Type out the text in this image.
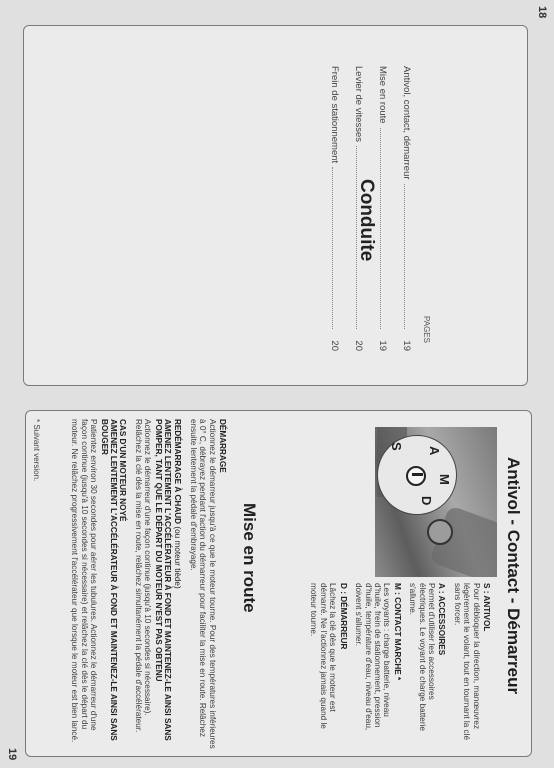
18
19
Conduite
PAGES
Antivol, contact, démarreur
19
Mise en route
19
Levier de vitesses
20
Frein de stationnement
20
Antivol - Contact - Démarreur
S A
M
D
S : ANTIVOL
Pour débloquer la direction, manœuvrez légèrement le volant, tout en tournant la clé sans forcer.
A : ACCESSOIRES
Permet d'utiliser les accessoires électriques. Le voyant de charge batterie s'allume.
M : CONTACT MARCHE *
Les voyants : charge batterie, niveau d'huile, frein de stationnement, pression d'huile, température d'eau, niveau d'eau, doivent s'allumer.
D : DÉMARREUR
Lâchez la clé dès que le moteur est démarré. Ne l'actionnez jamais quand le moteur tourne.
DÉMARRAGE
Actionnez le démarreur jusqu'à ce que le moteur tourne. Pour des températures inférieures à 0° C, débrayez pendant l'action du démarreur pour faciliter la mise en route. Relâchez ensuite lentement la pédale d'embrayage.
REDÉMARRAGE À CHAUD (ou moteur tiède)
AMENEZ LENTEMENT L'ACCÉLÉRATEUR À FOND ET MAINTENEZ-LE AINSI SANS POMPER, TANT QUE LE DÉPART DU MOTEUR N'EST PAS OBTENU
Actionnez le démarreur d'une façon continue (jusqu'à 10 secondes si nécessaire). Relâchez la clé dès la mise en route, relâchez simultanément la pédale d'accélérateur.
CAS D'UN MOTEUR NOYÉ
AMENEZ LENTEMENT L'ACCÉLÉRATEUR À FOND ET MAINTENEZ-LE AINSI SANS BOUGER
Patientez environ 30 secondes pour aérer les tubulures. Actionnez le démarreur d'une façon continue (jusqu'à 10 secondes si nécessaire) et relâchez la clé dès le départ du moteur. Ne relâchez progressivement l'accélérateur que lorsque le moteur est bien lancé.	Mise en route
* Suivant version.
